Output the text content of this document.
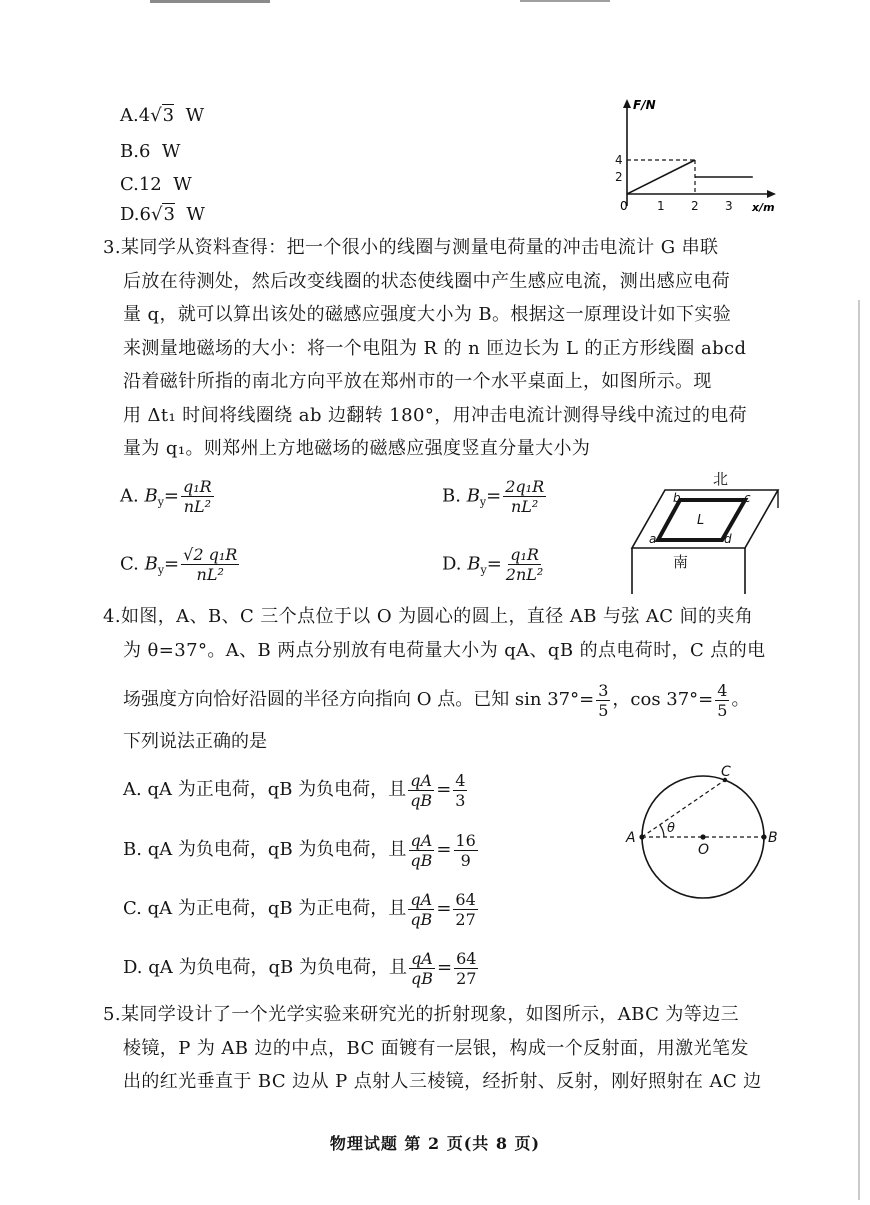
A.4√3 W
B.6 W
C.12 W
D.6√3 W	1 2 3
2
4
F/N
x/m
0
3.某同学从资料查得：把一个很小的线圈与测量电荷量的冲击电流计 G 串联
后放在待测处，然后改变线圈的状态使线圈中产生感应电流，测出感应电荷
量 q，就可以算出该处的磁感应强度大小为 B。根据这一原理设计如下实验
来测量地磁场的大小：将一个电阻为 R 的 n 匝边长为 L 的正方形线圈 abcd
沿着磁针所指的南北方向平放在郑州市的一个水平桌面上，如图所示。现
用 Δt₁ 时间将线圈绕 ab 边翻转 180°，用冲击电流计测得导线中流过的电荷
量为 q₁。则郑州上方地磁场的磁感应强度竖直分量大小为
A. $B_y= \frac{\text{q₁R}}{\text{nL²}}$	B. $B_y= \frac{\text{2q₁R}}{\text{nL²}}$
C. $B_y= \frac{\text{√2 q₁R}}{\text{nL²}}$	D. $B_y= \frac{\text{q₁R}}{\text{2nL²}}$
北
L
b	c
a	d
南
4.如图，A、B、C 三个点位于以 O 为圆心的圆上，直径 AB 与弦 AC 间的夹角
为 θ=37°。A、B 两点分别放有电荷量大小为 qA、qB 的点电荷时，C 点的电
场强度方向恰好沿圆的半径方向指向 O 点。已知 $\sin 37^\circ= \frac{3}{5}$ ，$\cos 37^\circ= \frac{4}{5}$ 。
下列说法正确的是
A. qA 为正电荷，qB 为负电荷，且 $\frac{qA}{qB} = \frac{4}{3}$
B. qA 为负电荷，qB 为负电荷，且 $\frac{qA}{qB} = \frac{16}{9}$
C. qA 为正电荷，qB 为正电荷，且 $\frac{qA}{qB} = \frac{64}{27}$
D. qA 为负电荷，qB 为负电荷，且 $\frac{qA}{qB} = \frac{64}{27}$
A	B
C
O
θ
5.某同学设计了一个光学实验来研究光的折射现象，如图所示，ABC 为等边三
棱镜，P 为 AB 边的中点，BC 面镀有一层银，构成一个反射面，用激光笔发
出的红光垂直于 BC 边从 P 点射人三棱镜，经折射、反射，刚好照射在 AC 边
物理试题 第 2 页(共 8 页)
